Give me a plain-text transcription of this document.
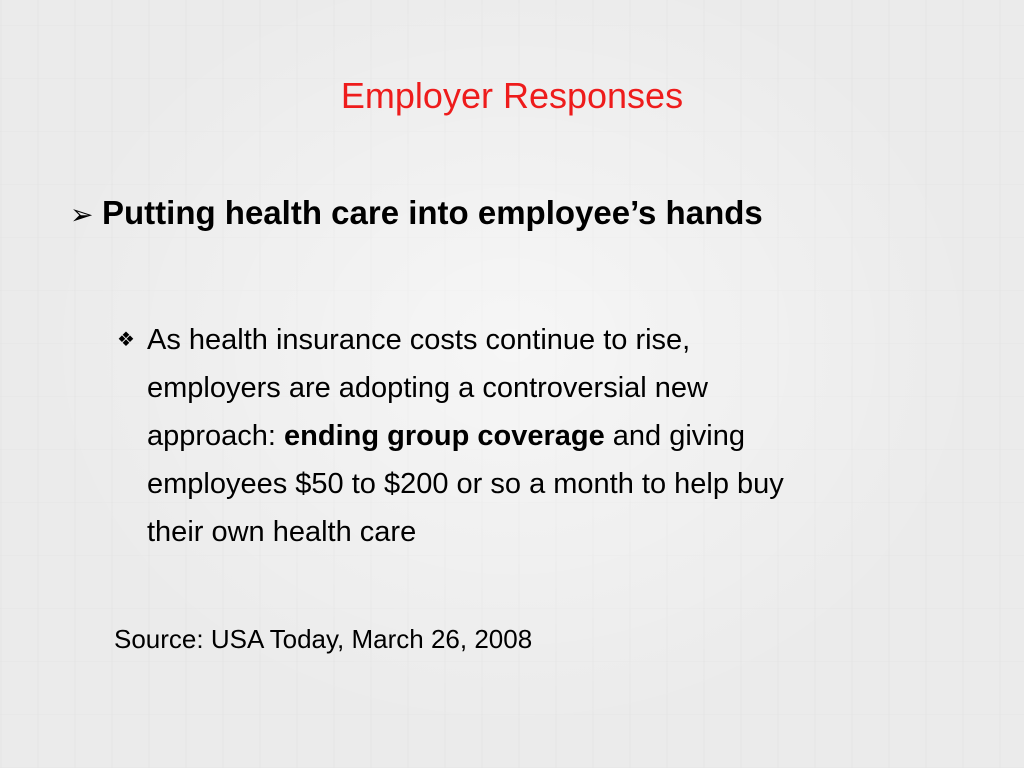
Employer Responses
➢ Putting health care into employee’s hands
❖ As health insurance costs continue to rise,
employers are adopting a controversial new
approach: ending group coverage and giving
employees $50 to $200 or so a month to help buy
their own health care
Source: USA Today, March 26, 2008
